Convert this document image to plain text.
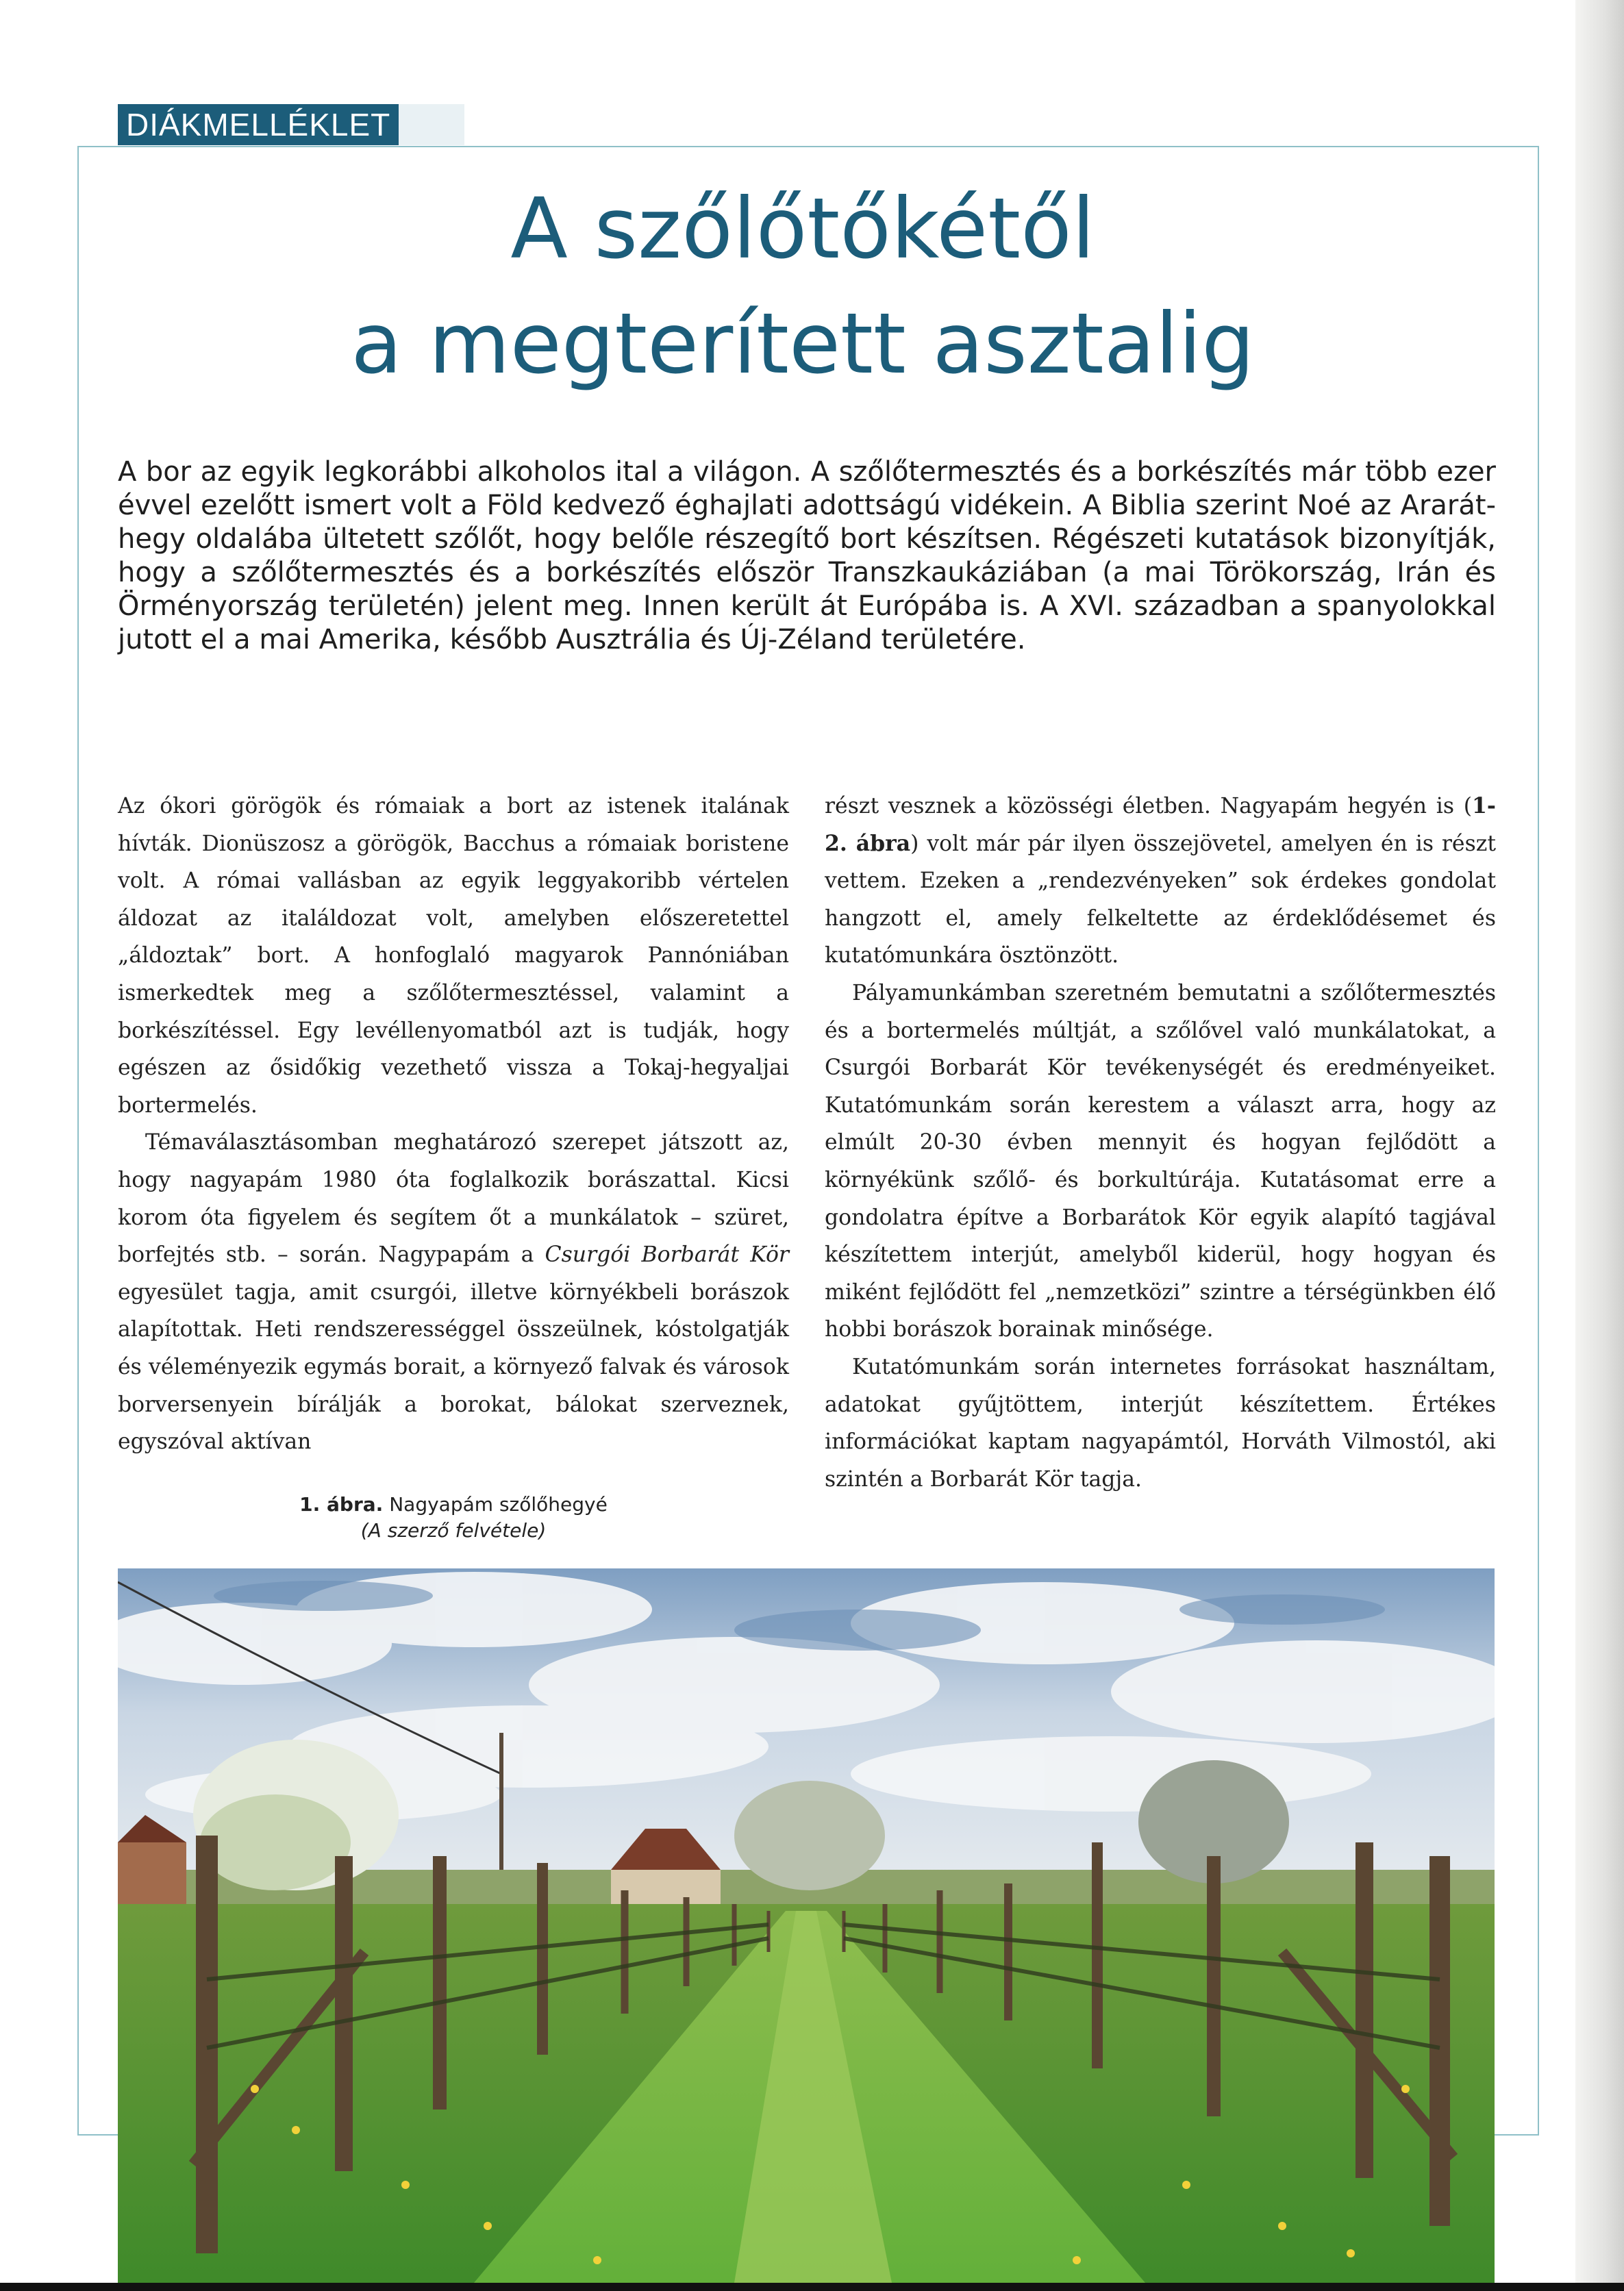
DIÁKMELLÉKLET
A szőlőtőkétől
a megterített asztalig

A bor az egyik legkorábbi alkoholos ital a világon. A szőlőtermesztés és a borkészítés már több ezer évvel ezelőtt ismert volt a Föld kedvező éghajlati adottságú vidékein. A Biblia szerint Noé az Ararát-hegy oldalába ültetett szőlőt, hogy belőle részegítő bort készítsen. Régészeti kutatások bizonyítják, hogy a szőlőtermesztés és a borkészítés először Transzkaukáziában (a mai Törökország, Irán és Örményország területén) jelent meg. Innen került át Európába is. A XVI. században a spanyolokkal jutott el a mai Amerika, később Ausztrália és Új-Zéland területére.

Az ókori görögök és rómaiak a bort az istenek italának hívták. Dionüszosz a görögök, Bacchus a rómaiak boristene volt. A római vallásban az egyik leggyakoribb vértelen áldozat az italáldozat volt, amelyben előszeretettel „áldoztak” bort. A honfoglaló magyarok Pannóniában ismerkedtek meg a szőlőtermesztéssel, valamint a borkészítéssel. Egy levéllenyomatból azt is tudják, hogy egészen az ősidőkig vezethető vissza a Tokaj-hegyaljai bortermelés.

Témaválasztásomban meghatározó szerepet játszott az, hogy nagyapám 1980 óta foglalkozik borászattal. Kicsi korom óta figyelem és segítem őt a munkálatok – szüret, borfejtés stb. – során. Nagypapám a Csurgói Borbarát Kör egyesület tagja, amit csurgói, illetve környékbeli borászok alapítottak. Heti rendszerességgel összeülnek, kóstolgatják és véleményezik egymás borait, a környező falvak és városok borversenyein bírálják a borokat, bálokat szerveznek, egyszóval aktívan

részt vesznek a közösségi életben. Nagyapám hegyén is (1-2. ábra) volt már pár ilyen összejövetel, amelyen én is részt vettem. Ezeken a „rendezvényeken” sok érdekes gondolat hangzott el, amely felkeltette az érdeklődésemet és kutatómunkára ösztönzött.

Pályamunkámban szeretném bemutatni a szőlőtermesztés és a bortermelés múltját, a szőlővel való munkálatokat, a Csurgói Borbarát Kör tevékenységét és eredményeiket. Kutatómunkám során kerestem a választ arra, hogy az elmúlt 20-30 évben mennyit és hogyan fejlődött a környékünk szőlő- és borkultúrája. Kutatásomat erre a gondolatra építve a Borbarátok Kör egyik alapító tagjával készítettem interjút, amelyből kiderül, hogy hogyan és miként fejlődött fel „nemzetközi” szintre a térségünkben élő hobbi borászok borainak minősége.

Kutatómunkám során internetes forrásokat használtam, adatokat gyűjtöttem, interjút készítettem. Értékes információkat kaptam nagyapámtól, Horváth Vilmostól, aki szintén a Borbarát Kör tagja.

1. ábra. Nagyapám szőlőhegyé
(A szerző felvétele)
